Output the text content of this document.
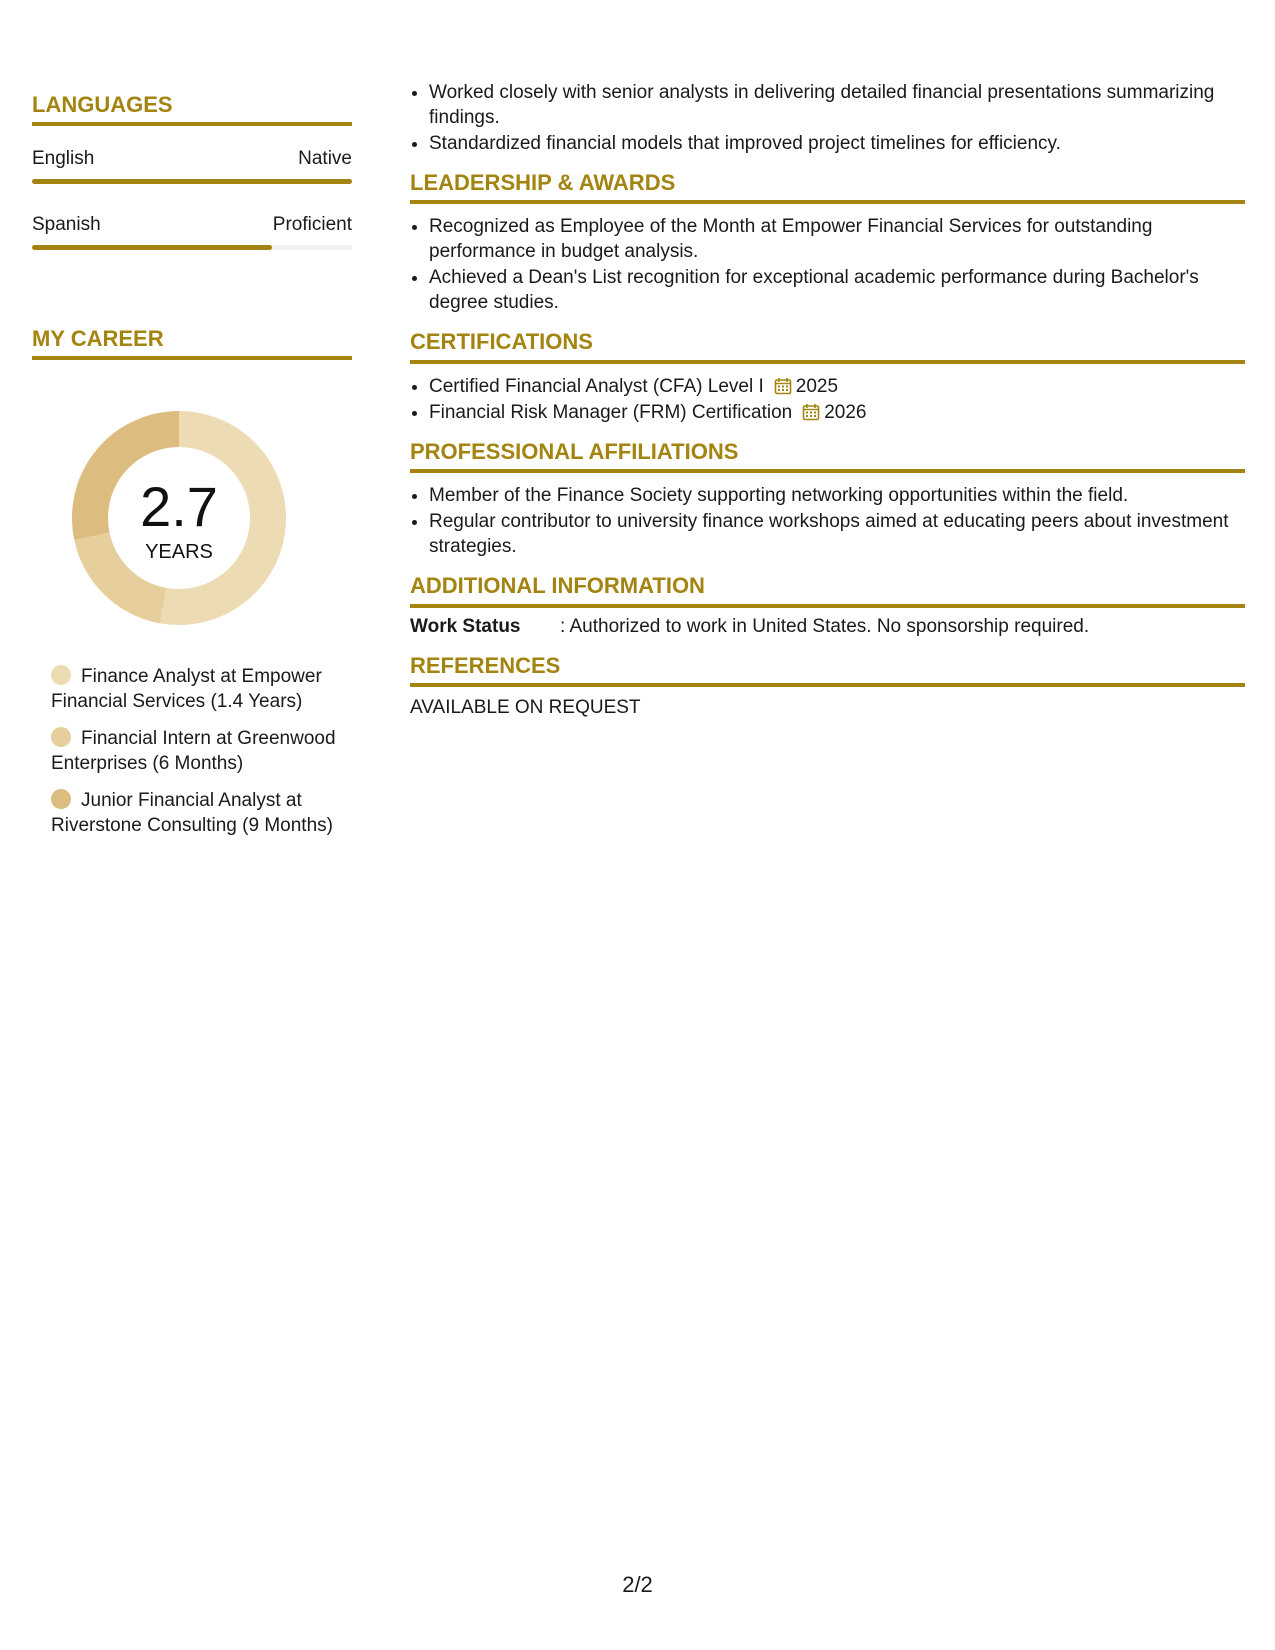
LANGUAGES
English	Native
Spanish	Proficient
MY CAREER
2.7
YEARS
Finance Analyst at Empower Financial Services (1.4 Years)
Financial Intern at Greenwood Enterprises (6 Months)
Junior Financial Analyst at Riverstone Consulting (9 Months)
• Worked closely with senior analysts in delivering detailed financial presentations summarizing findings.
• Standardized financial models that improved project timelines for efficiency.
LEADERSHIP & AWARDS
• Recognized as Employee of the Month at Empower Financial Services for outstanding performance in budget analysis.
• Achieved a Dean's List recognition for exceptional academic performance during Bachelor's degree studies.
CERTIFICATIONS
• Certified Financial Analyst (CFA) Level I 2025
• Financial Risk Manager (FRM) Certification 2026
PROFESSIONAL AFFILIATIONS
• Member of the Finance Society supporting networking opportunities within the field.
• Regular contributor to university finance workshops aimed at educating peers about investment strategies.
ADDITIONAL INFORMATION
Work Status	: Authorized to work in United States. No sponsorship required.
REFERENCES
AVAILABLE ON REQUEST
2/2
